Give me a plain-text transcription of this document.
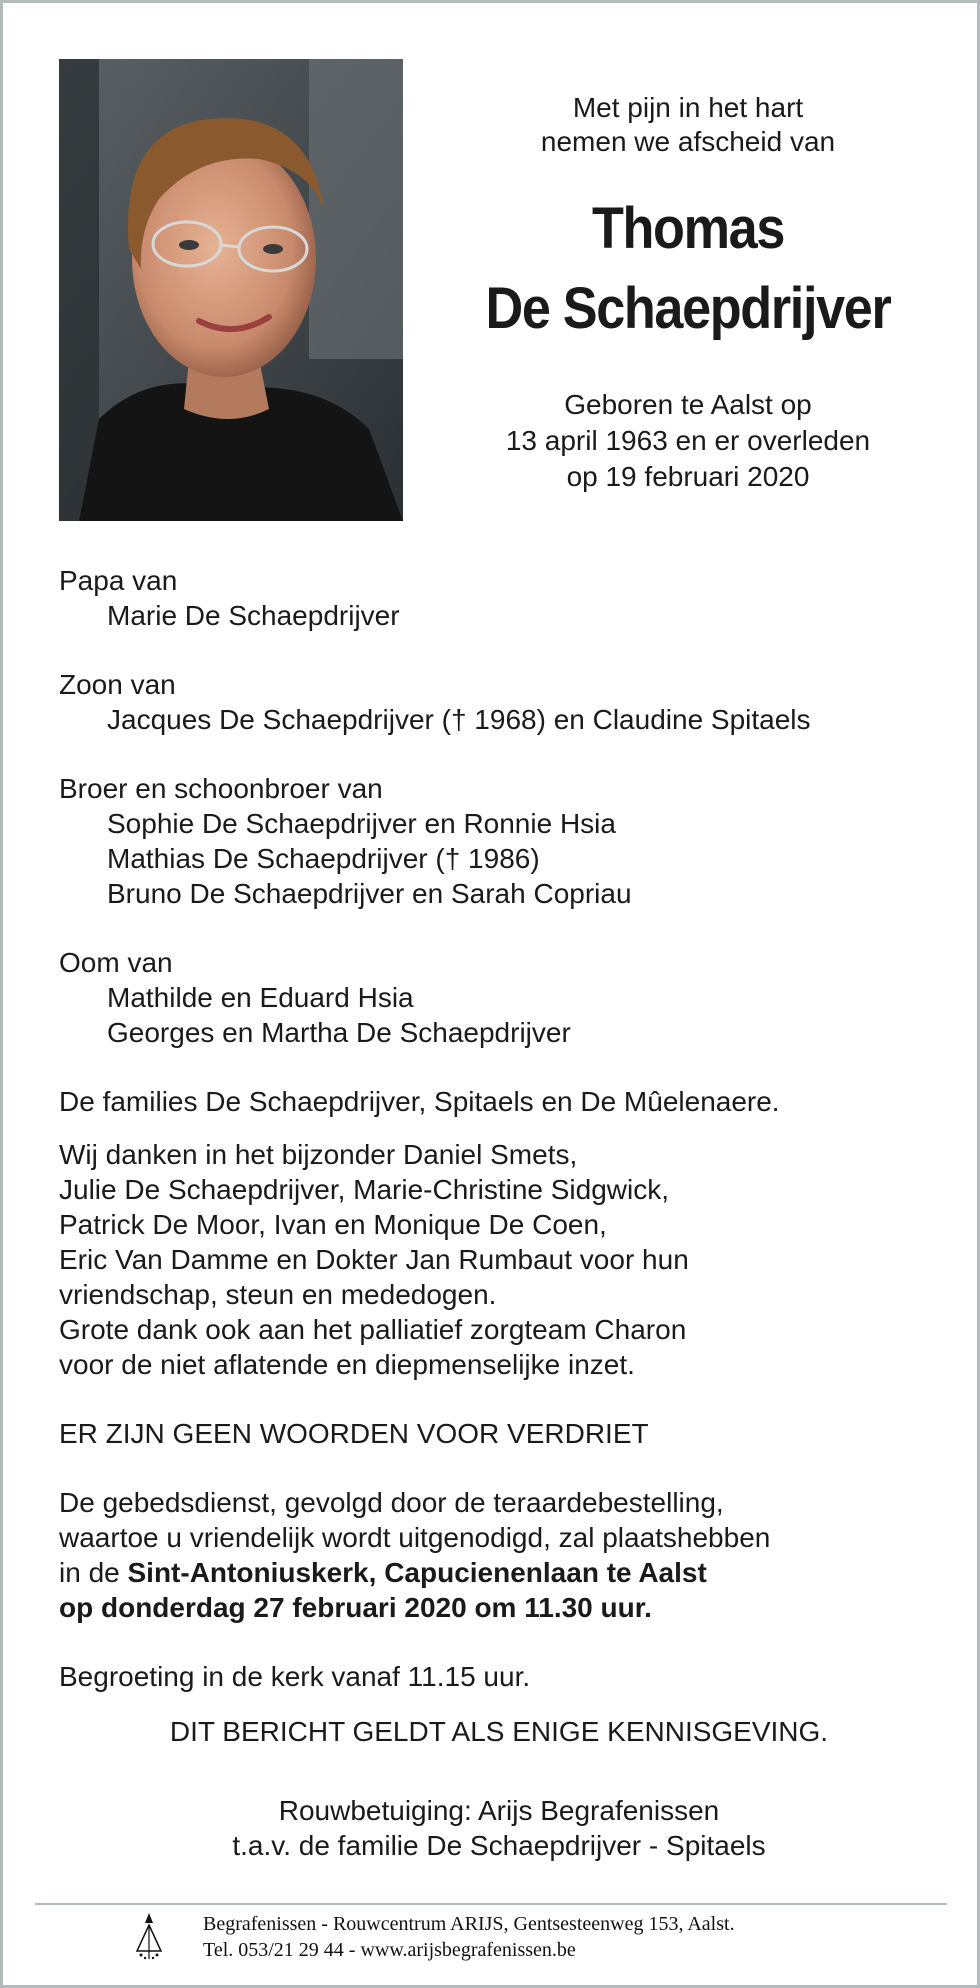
Met pijn in het hart
nemen we afscheid van
Thomas
De Schaepdrijver
Geboren te Aalst op
13 april 1963 en er overleden
op 19 februari 2020
Papa van
Marie De Schaepdrijver
Zoon van
Jacques De Schaepdrijver († 1968) en Claudine Spitaels
Broer en schoonbroer van
Sophie De Schaepdrijver en Ronnie Hsia
Mathias De Schaepdrijver († 1986)
Bruno De Schaepdrijver en Sarah Copriau
Oom van
Mathilde en Eduard Hsia
Georges en Martha De Schaepdrijver
De families De Schaepdrijver, Spitaels en De Mûelenaere.
Wij danken in het bijzonder Daniel Smets,
Julie De Schaepdrijver, Marie-Christine Sidgwick,
Patrick De Moor, Ivan en Monique De Coen,
Eric Van Damme en Dokter Jan Rumbaut voor hun
vriendschap, steun en mededogen.
Grote dank ook aan het palliatief zorgteam Charon
voor de niet aflatende en diepmenselijke inzet.
ER ZIJN GEEN WOORDEN VOOR VERDRIET
De gebedsdienst, gevolgd door de teraardebestelling,
waartoe u vriendelijk wordt uitgenodigd, zal plaatshebben
in de Sint-Antoniuskerk, Capucienenlaan te Aalst
op donderdag 27 februari 2020 om 11.30 uur.
Begroeting in de kerk vanaf 11.15 uur.
DIT BERICHT GELDT ALS ENIGE KENNISGEVING.
Rouwbetuiging: Arijs Begrafenissen
t.a.v. de familie De Schaepdrijver - Spitaels
Begrafenissen - Rouwcentrum ARIJS, Gentsesteenweg 153, Aalst.
Tel. 053/21 29 44 - www.arijsbegrafenissen.be
